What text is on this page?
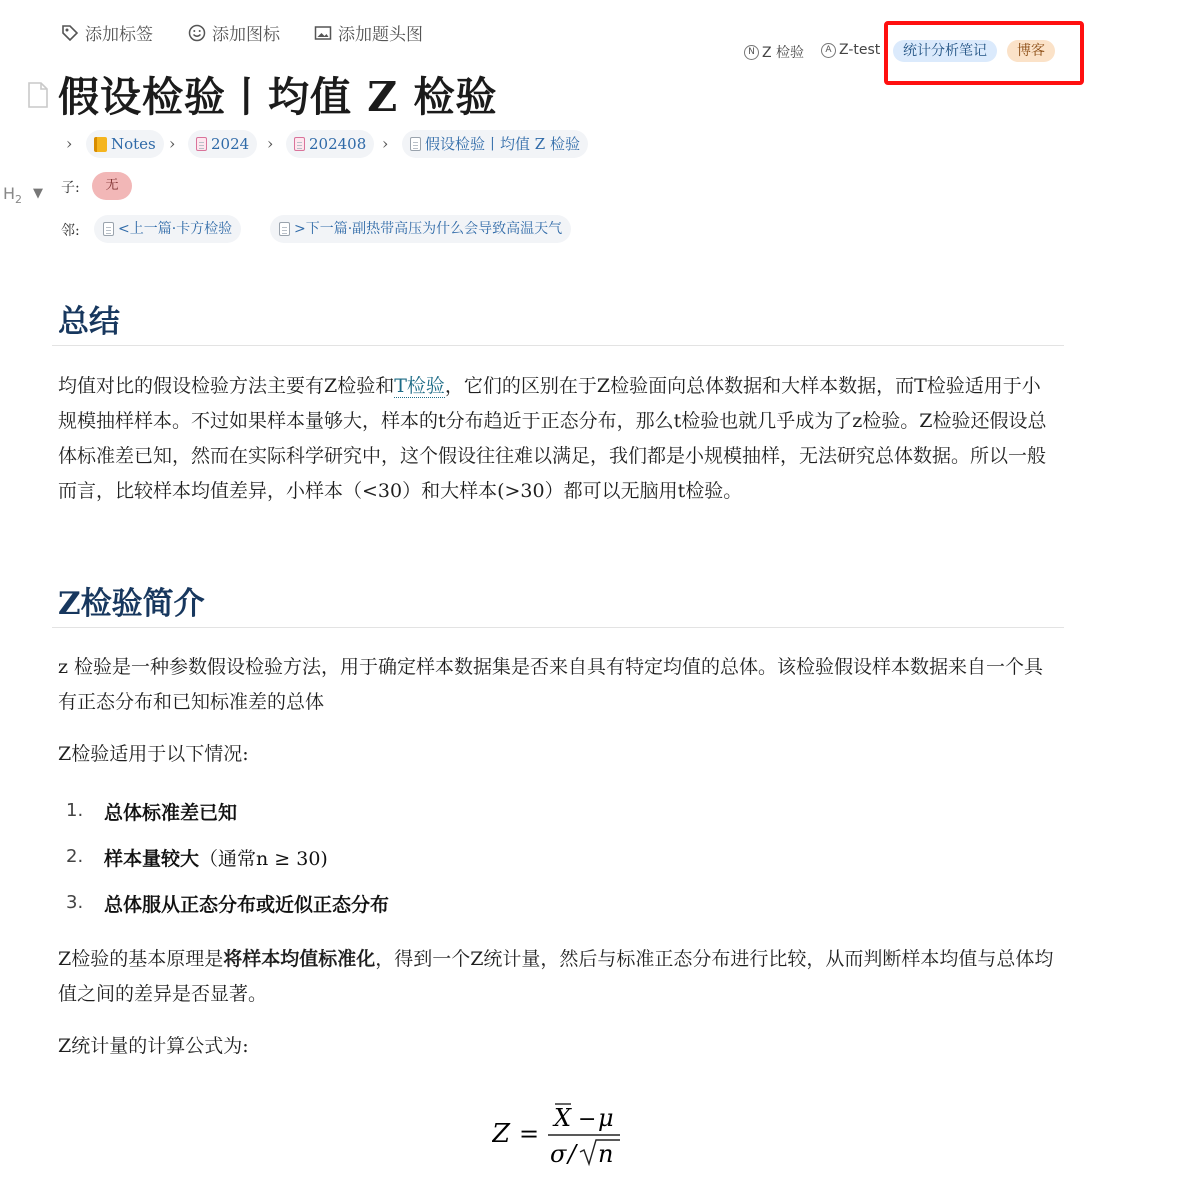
添加标签	添加图标	添加题头图
N Z 检验	A Z-test	统计分析笔记	博客
假设检验丨均值 Z 检验
›	Notes › 2024 › 202408 › 假设检验丨均值 Z 检验
$H_2$ ▼ 子:	无
邻:	<上一篇·卡方检验	>下一篇·副热带高压为什么会导致高温天气
总结
均值对比的假设检验方法主要有Z检验和T检验，它们的区别在于Z检验面向总体数据和大样本数据，而T检验适用于小规模抽样样本。不过如果样本量够大，样本的t分布趋近于正态分布，那么t检验也就几乎成为了z检验。Z检验还假设总体标准差已知，然而在实际科学研究中，这个假设往往难以满足，我们都是小规模抽样，无法研究总体数据。所以一般而言，比较样本均值差异，小样本（<30）和大样本(>30）都可以无脑用t检验。
Z检验简介
z 检验是一种参数假设检验方法，用于确定样本数据集是否来自具有特定均值的总体。该检验假设样本数据来自一个具有正态分布和已知标准差的总体
Z检验适用于以下情况:
1. 总体标准差已知
2. 样本量较大（通常n ≥ 30)
3. 总体服从正态分布或近似正态分布
Z检验的基本原理是将样本均值标准化，得到一个Z统计量，然后与标准正态分布进行比较，从而判断样本均值与总体均值之间的差异是否显著。
Z统计量的计算公式为:
Z =
X − μ
σ / n
